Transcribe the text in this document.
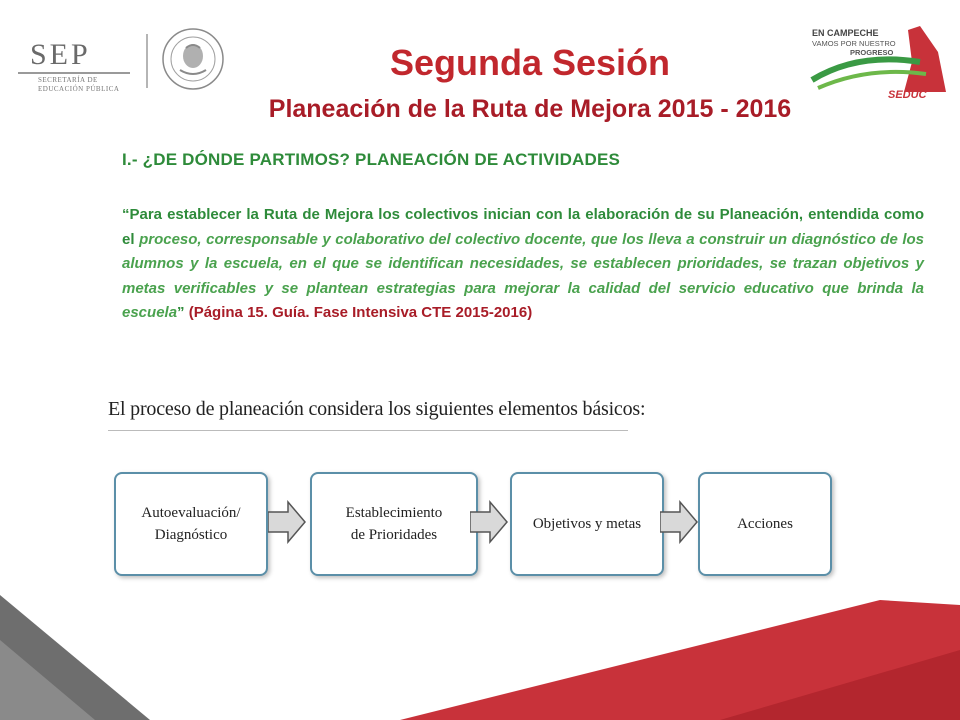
SEP
SECRETARÍA DE
EDUCACIÓN PÚBLICA
EN CAMPECHE
VAMOS POR NUESTRO
PROGRESO
SEDUC
Segunda Sesión
Planeación de la Ruta de Mejora 2015 - 2016
I.- ¿DE DÓNDE PARTIMOS? PLANEACIÓN DE ACTIVIDADES
“Para establecer la Ruta de Mejora los colectivos inician con la elaboración de su Planeación, entendida como el proceso, corresponsable y colaborativo del colectivo docente, que los lleva a construir un diagnóstico de los alumnos y la escuela, en el que se identifican necesidades, se establecen prioridades, se trazan objetivos y metas verificables y se plantean estrategias para mejorar la calidad del servicio educativo que brinda la escuela” (Página 15. Guía. Fase Intensiva CTE 2015-2016)
El proceso de planeación considera los siguientes elementos básicos:
Autoevaluación/
Diagnóstico
Establecimiento
de Prioridades
Objetivos y metas	Acciones
